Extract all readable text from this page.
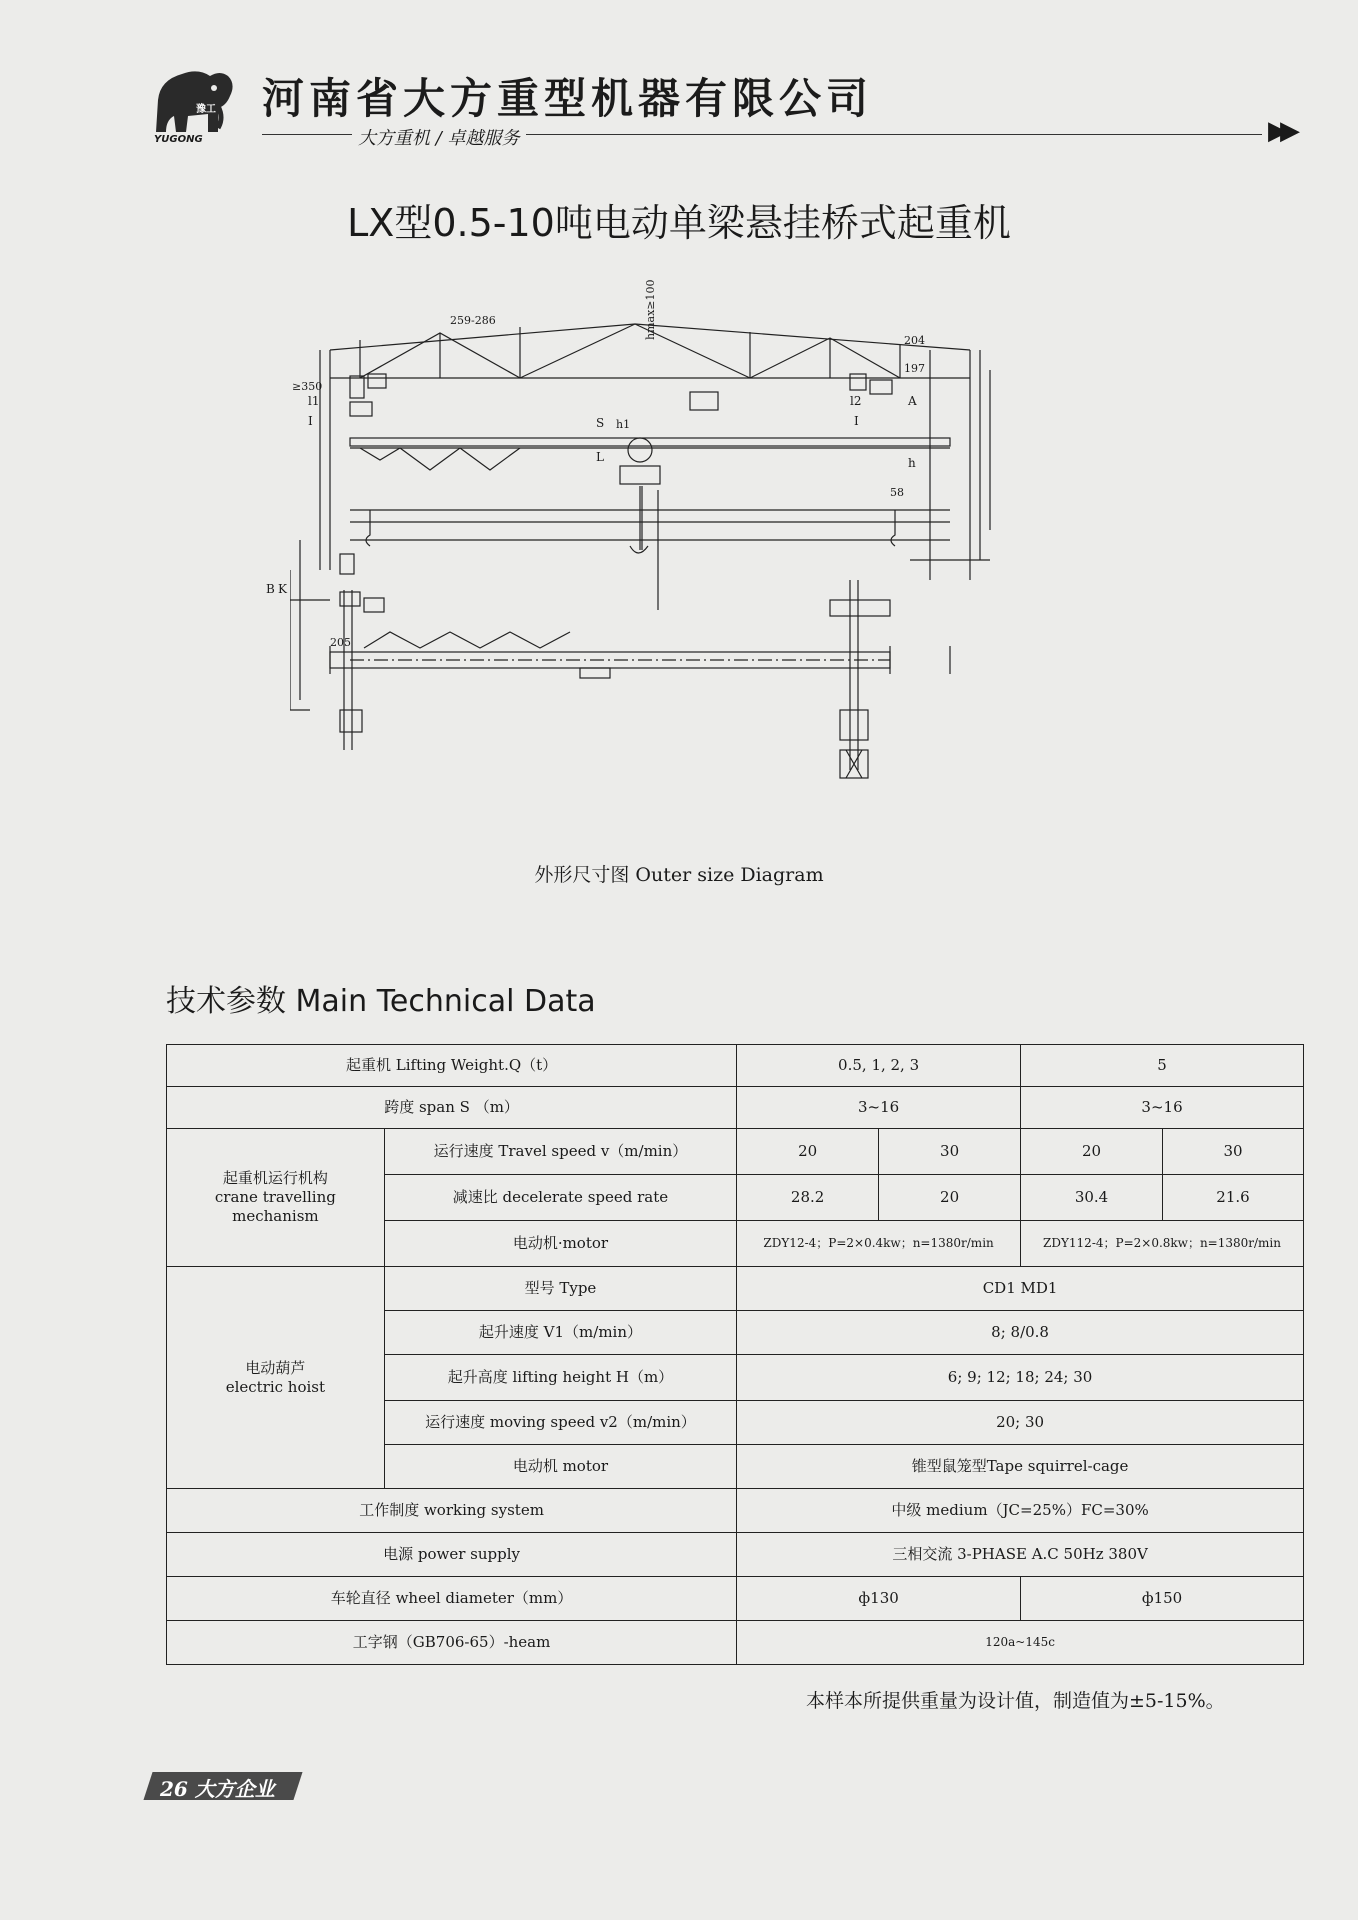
豫工
YUGONG
河南省大方重型机器有限公司
大方重机 / 卓越服务	▶▶
LX型0.5-10吨电动单梁悬挂桥式起重机
259-286	hmax≥100
h1
204
197
A
h
58
≥350
l1	l2
I	I
S
L
B K
205
外形尺寸图 Outer size Diagram
技术参数 Main Technical Data
起重机 Lifting Weight.Q（t）		0.5, 1, 2, 3		5	
跨度 span S （m）		3~16		3~16	

起重机运行机构
crane travelling
mechanism	运行速度 Travel speed v（m/min）	20	30	20	30
	减速比 decelerate speed rate	28.2	20	30.4	21.6
	电动机·motor	ZDY12-4；P=2×0.4kw；n=1380r/min		ZDY112-4；P=2×0.8kw；n=1380r/min	

电动葫芦
electric hoist	型号 Type	CD1 MD1			
	起升速度 V1（m/min）	8; 8/0.8			
	起升高度 lifting height H（m）	6; 9; 12; 18; 24; 30			
	运行速度 moving speed v2（m/min）	20; 30			
	电动机 motor	锥型鼠笼型Tape squirrel-cage			
工作制度 working system		中级 medium（JC=25%）FC=30%			
电源 power supply		三相交流 3-PHASE A.C 50Hz 380V			
车轮直径 wheel diameter（mm）		ф130		ф150	
工字钢（GB706-65）-heam		120a~145c			
本样本所提供重量为设计值，制造值为±5-15%。
26 大方企业
